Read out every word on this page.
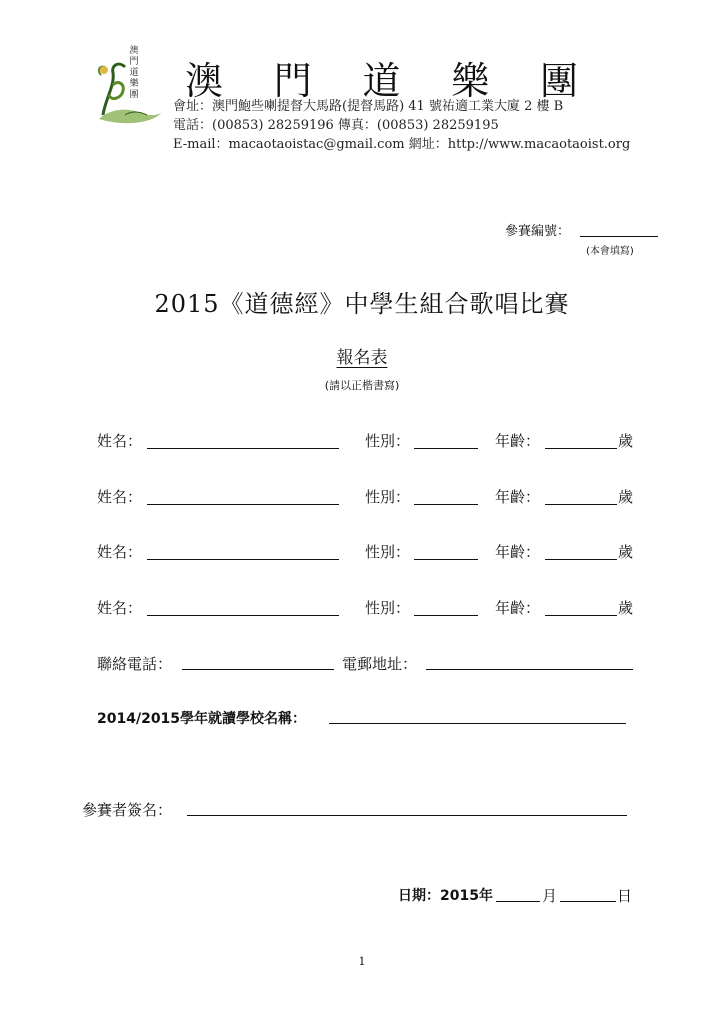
澳
門
道
樂
團 澳 門 道 樂 團
會址：澳門鮑些喇提督大馬路(提督馬路) 41 號祐適工業大廈 2 樓 B
電話：(00853) 28259196 傳真：(00853) 28259195
E-mail：macaotaoistac@gmail.com 網址：http://www.macaotaoist.org
參賽編號：
(本會填寫)
2015《道德經》中學生組合歌唱比賽
報名表
(請以正楷書寫)
姓名：	性別：	年齡：	歲
姓名：	性別：	年齡：	歲
姓名：	性別：	年齡：	歲
姓名：	性別：	年齡：	歲
聯絡電話：	電郵地址：
2014/2015學年就讀學校名稱：
參賽者簽名：
日期：2015年	月	日
1
